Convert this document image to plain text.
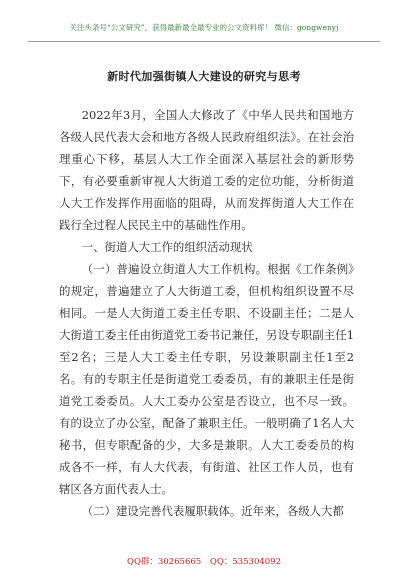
关注头条号“公文研究”，获得最新最全最专业的公文资料库！ 微信：gongwenyj
新时代加强街镇人大建设的研究与思考

2022年3月，全国人大修改了《中华人民共和国地方各级人民代表大会和地方各级人民政府组织法》。在社会治理重心下移，基层人大工作全面深入基层社会的新形势下，有必要重新审视人大街道工委的定位功能，分析街道人大工作发挥作用面临的阻碍，从而发挥街道人大工作在践行全过程人民民主中的基础性作用。

一、街道人大工作的组织活动现状

（一）普遍设立街道人大工作机构。根据《工作条例》的规定，普遍建立了人大街道工委，但机构组织设置不尽相同。一是人大街道工委主任专职、不设副主任；二是人大街道工委主任由街道党工委书记兼任，另设专职副主任1至2名；三是人大工委主任专职，另设兼职副主任1至2名。有的专职主任是街道党工委委员，有的兼职主任是街道党工委委员。人大工委办公室是否设立，也不尽一致。有的设立了办公室，配备了兼职主任。一般明确了1名人大秘书，但专职配备的少，大多是兼职。人大工委委员的构成各不一样，有人大代表，有街道、社区工作人员，也有辖区各方面代表人士。

（二）建设完善代表履职载体。近年来，各级人大都

QQ群：30265665 QQ：535304092
